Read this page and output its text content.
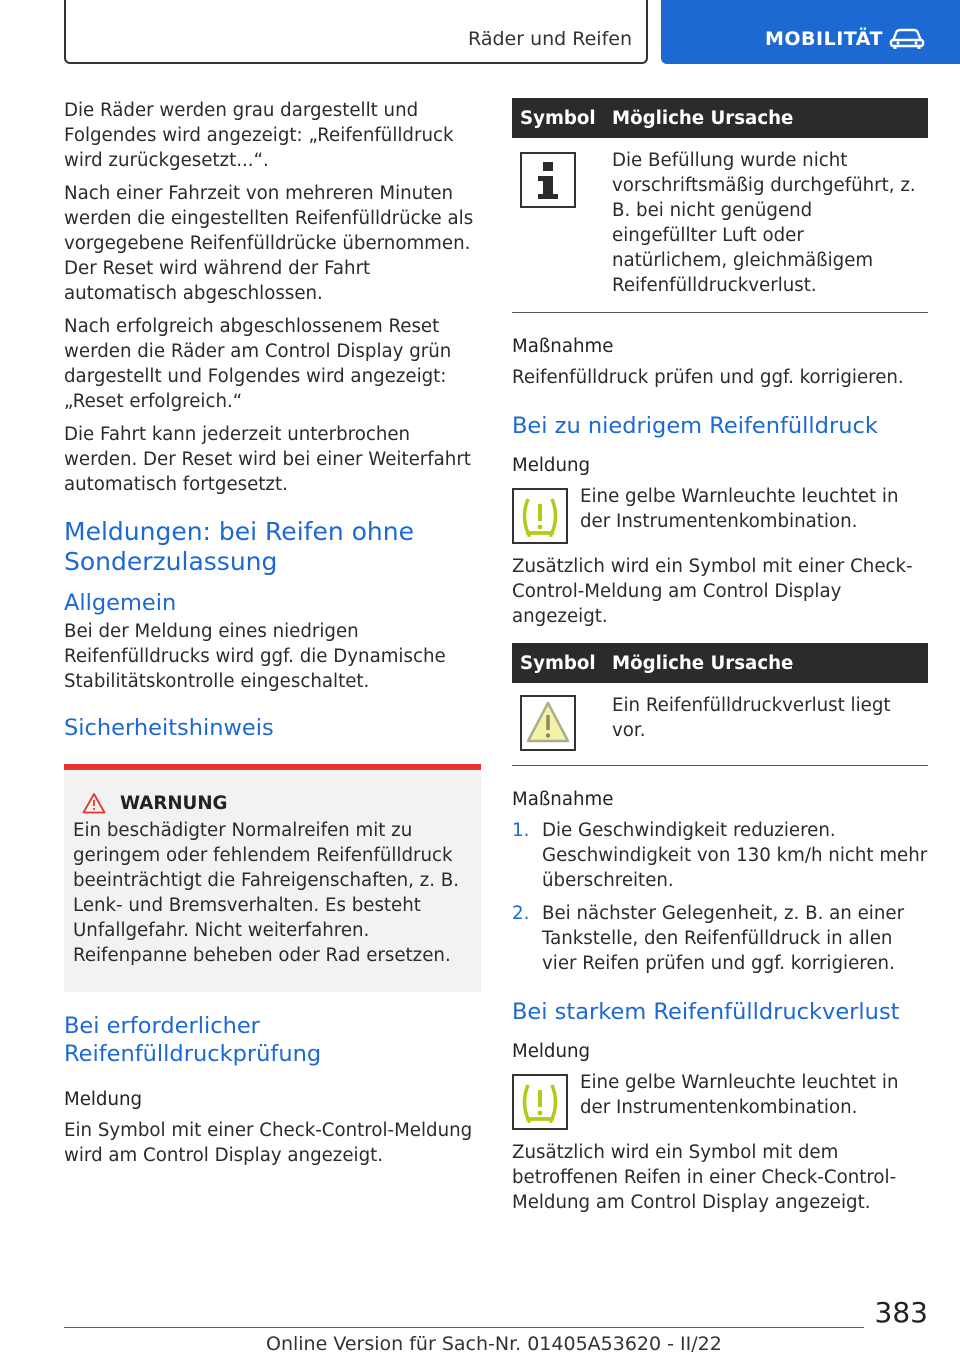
Räder und Reifen	MOBILITÄT

Die Räder werden grau dargestellt und Folgendes wird angezeigt: „Reifenfülldruck wird zurückgesetzt...“.

Nach einer Fahrzeit von mehreren Minuten werden die eingestellten Reifenfülldrücke als vorgegebene Reifenfülldrücke übernommen. Der Reset wird während der Fahrt automatisch abgeschlossen.

Nach erfolgreich abgeschlossenem Reset werden die Räder am Control Display grün dargestellt und Folgendes wird angezeigt: „Reset erfolgreich.“

Die Fahrt kann jederzeit unterbrochen werden. Der Reset wird bei einer Weiterfahrt automatisch fortgesetzt.

Meldungen: bei Reifen ohne Sonderzulassung
Allgemein

Bei der Meldung eines niedrigen Reifenfülldrucks wird ggf. die Dynamische Stabilitätskontrolle eingeschaltet.

Sicherheitshinweis
WARNUNG

Ein beschädigter Normalreifen mit zu geringem oder fehlendem Reifenfülldruck beeinträchtigt die Fahreigenschaften, z. B. Lenk- und Bremsverhalten. Es besteht Unfallgefahr. Nicht weiterfahren. Reifenpanne beheben oder Rad ersetzen.

Bei erforderlicher Reifenfülldruckprüfung
Meldung

Ein Symbol mit einer Check-Control-Meldung wird am Control Display angezeigt.

Symbol	Mögliche Ursache

	Die Befüllung wurde nicht vorschriftsmäßig durchgeführt, z. B. bei nicht genügend eingefüllter Luft oder natürlichem, gleichmäßigem Reifenfülldruckverlust.
Maßnahme

Reifenfülldruck prüfen und ggf. korrigieren.

Bei zu niedrigem Reifenfülldruck
Meldung

Eine gelbe Warnleuchte leuchtet in der Instrumentenkombination.

Zusätzlich wird ein Symbol mit einer Check-Control-Meldung am Control Display angezeigt.

Symbol	Mögliche Ursache

	Ein Reifenfülldruckverlust liegt vor.
Maßnahme
1. Die Geschwindigkeit reduzieren. Geschwindigkeit von 130 km/h nicht mehr überschreiten.
2. Bei nächster Gelegenheit, z. B. an einer Tankstelle, den Reifenfülldruck in allen vier Reifen prüfen und ggf. korrigieren.
Bei starkem Reifenfülldruckverlust
Meldung

Eine gelbe Warnleuchte leuchtet in der Instrumentenkombination.

Zusätzlich wird ein Symbol mit dem betroffenen Reifen in einer Check-Control-Meldung am Control Display angezeigt.

383
Online Version für Sach-Nr. 01405A53620 - II/22
